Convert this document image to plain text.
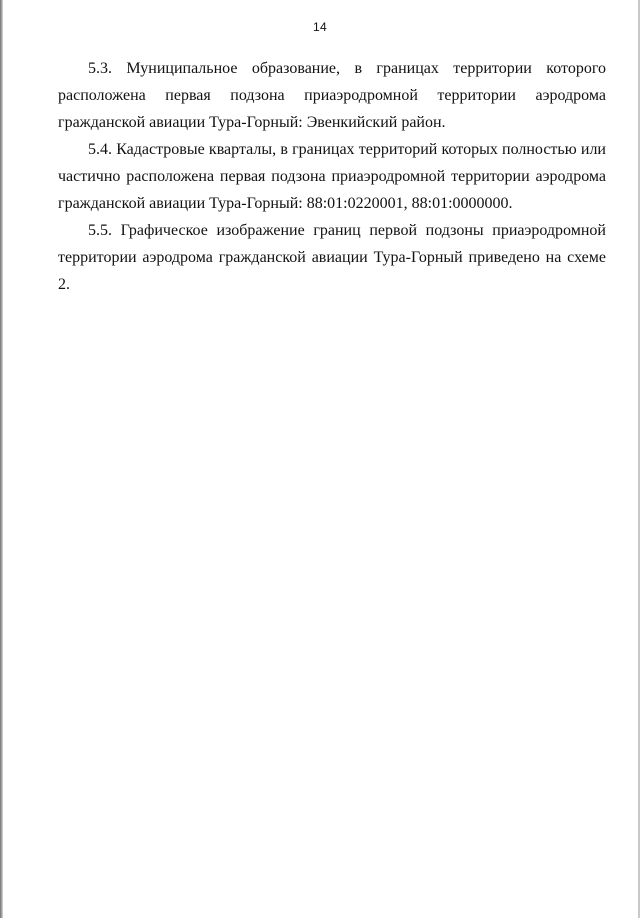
14

5.3. Муниципальное образование, в границах территории которого расположена первая подзона приаэродромной территории аэродрома гражданской авиации Тура-Горный: Эвенкийский район.

5.4. Кадастровые кварталы, в границах территорий которых полностью или частично расположена первая подзона приаэродромной территории аэродрома гражданской авиации Тура-Горный: 88:01:0220001, 88:01:0000000.

5.5. Графическое изображение границ первой подзоны приаэродромной территории аэродрома гражданской авиации Тура-Горный приведено на схеме 2.
